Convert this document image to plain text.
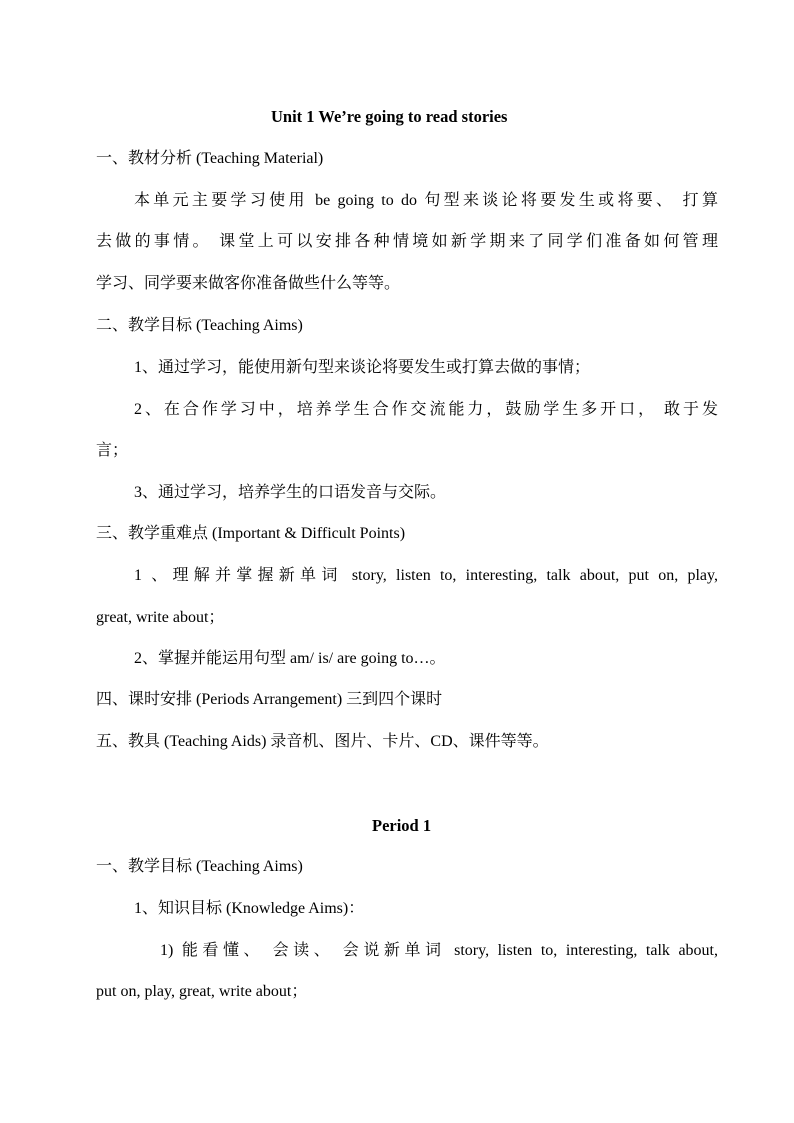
Unit 1 We’re going to read stories
一、教材分析 (Teaching Material)
本单元主要学习使用 be going to do 句型来谈论将要发生或将要、 打算
去做的事情。 课堂上可以安排各种情境如新学期来了同学们准备如何管理
学习、同学要来做客你准备做些什么等等。
二、教学目标 (Teaching Aims)
1、通过学习，能使用新句型来谈论将要发生或打算去做的事情；
2、在合作学习中，培养学生合作交流能力，鼓励学生多开口， 敢于发
言；
3、通过学习，培养学生的口语发音与交际。
三、教学重难点 (Important & Difficult Points)
1 、理解并掌握新单词 story, listen to, interesting, talk about, put on, play,
great, write about；
2、掌握并能运用句型 am/ is/ are going to…。
四、课时安排 (Periods Arrangement) 三到四个课时
五、教具 (Teaching Aids) 录音机、图片、卡片、CD、课件等等。
Period 1
一、教学目标 (Teaching Aims)
1、知识目标 (Knowledge Aims)：
1) 能看懂、 会读、 会说新单词 story, listen to, interesting, talk about,
put on, play, great, write about；
